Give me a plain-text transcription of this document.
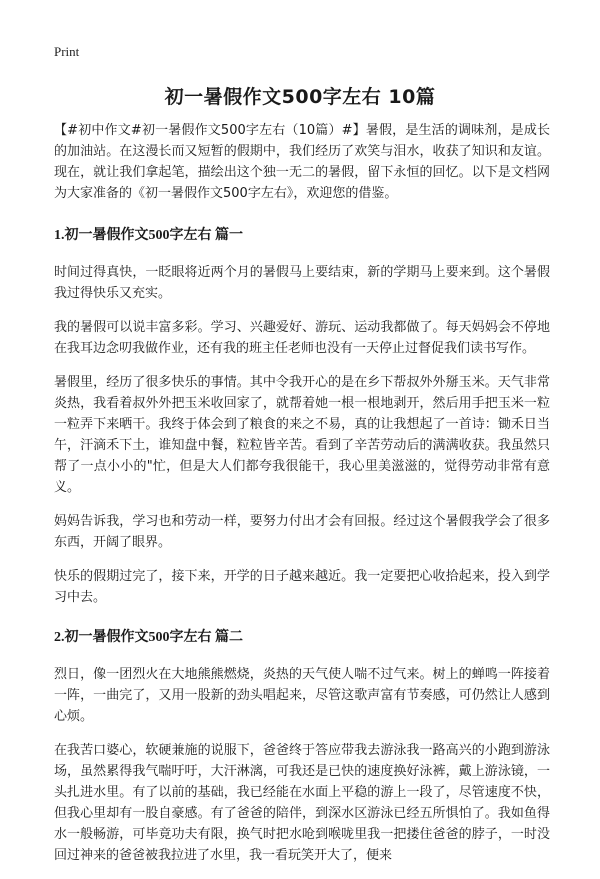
Print
初一暑假作文500字左右 10篇

【#初中作文#初一暑假作文500字左右（10篇）#】暑假，是生活的调味剂，是成长的加油站。在这漫长而又短暂的假期中，我们经历了欢笑与泪水，收获了知识和友谊。现在，就让我们拿起笔，描绘出这个独一无二的暑假，留下永恒的回忆。以下是文档网为大家准备的《初一暑假作文500字左右》，欢迎您的借鉴。

1.初一暑假作文500字左右 篇一

时间过得真快，一眨眼将近两个月的暑假马上要结束，新的学期马上要来到。这个暑假我过得快乐又充实。

我的暑假可以说丰富多彩。学习、兴趣爱好、游玩、运动我都做了。每天妈妈会不停地在我耳边念叨我做作业，还有我的班主任老师也没有一天停止过督促我们读书写作。

暑假里，经历了很多快乐的事情。其中令我开心的是在乡下帮叔外外掰玉米。天气非常炎热，我看着叔外外把玉米收回家了，就帮着她一根一根地剥开，然后用手把玉米一粒一粒弄下来晒干。我终于体会到了粮食的来之不易，真的让我想起了一首诗：锄禾日当午，汗滴禾下土，谁知盘中餐，粒粒皆辛苦。看到了辛苦劳动后的满满收获。我虽然只帮了一点小小的"忙，但是大人们都夸我很能干，我心里美滋滋的，觉得劳动非常有意义。

妈妈告诉我，学习也和劳动一样，要努力付出才会有回报。经过这个暑假我学会了很多东西，开阔了眼界。

快乐的假期过完了，接下来，开学的日子越来越近。我一定要把心收拾起来，投入到学习中去。

2.初一暑假作文500字左右 篇二

烈日，像一团烈火在大地熊熊燃烧，炎热的天气使人喘不过气来。树上的蝉鸣一阵接着一阵，一曲完了，又用一股新的劲头唱起来，尽管这歌声富有节奏感，可仍然让人感到心烦。

在我苦口婆心，软硬兼施的说服下，爸爸终于答应带我去游泳我一路高兴的小跑到游泳场，虽然累得我气喘吁吁，大汗淋漓，可我还是已快的速度换好泳裤，戴上游泳镜，一头扎进水里。有了以前的基础，我已经能在水面上平稳的游上一段了，尽管速度不快，但我心里却有一股自豪感。有了爸爸的陪伴，到深水区游泳已经五所惧怕了。我如鱼得水一般畅游，可毕竟功夫有限，换气时把水呛到喉咙里我一把搂住爸爸的脖子，一时没回过神来的爸爸被我拉进了水里，我一看玩笑开大了，便来
